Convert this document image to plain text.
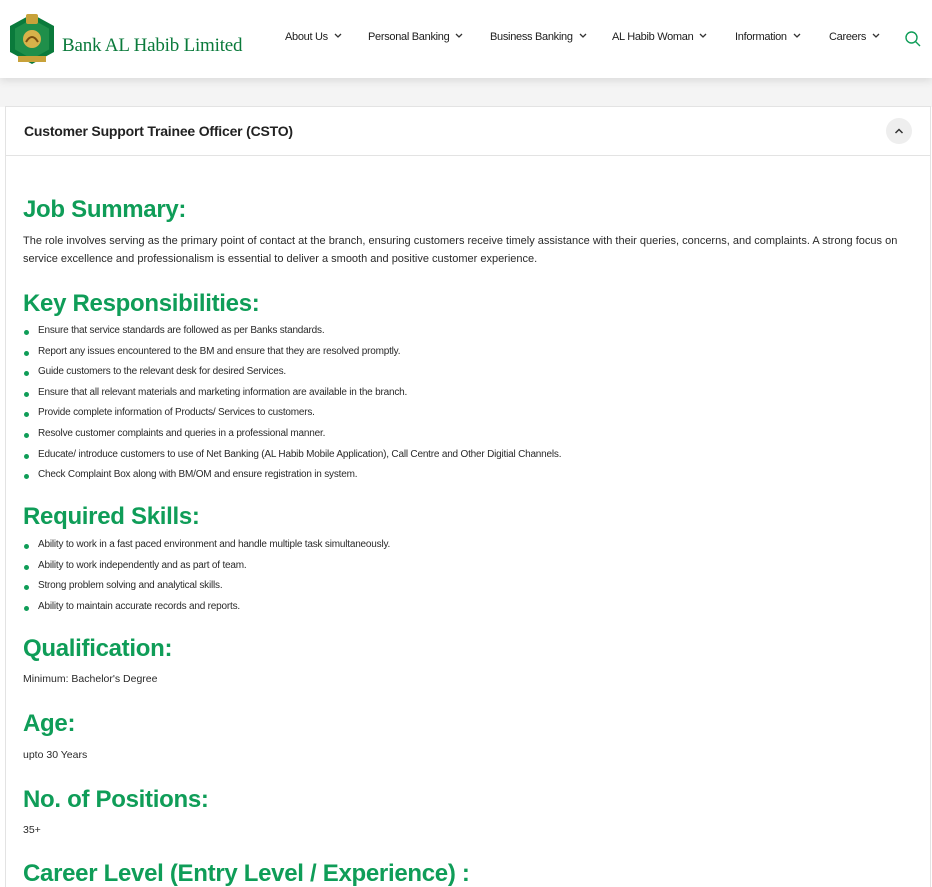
Bank AL Habib Limited	About Us	Personal Banking	Business Banking	AL Habib Woman	Information	Careers
Customer Support Trainee Officer (CSTO)
Job Summary:

The role involves serving as the primary point of contact at the branch, ensuring customers receive timely assistance with their queries, concerns, and complaints. A strong focus on service excellence and professionalism is essential to deliver a smooth and positive customer experience.

Key Responsibilities:
Ensure that service standards are followed as per Banks standards.
Report any issues encountered to the BM and ensure that they are resolved promptly.
Guide customers to the relevant desk for desired Services.
Ensure that all relevant materials and marketing information are available in the branch.
Provide complete information of Products/ Services to customers.
Resolve customer complaints and queries in a professional manner.
Educate/ introduce customers to use of Net Banking (AL Habib Mobile Application), Call Centre and Other Digitial Channels.
Check Complaint Box along with BM/OM and ensure registration in system.
Required Skills:
Ability to work in a fast paced environment and handle multiple task simultaneously.
Ability to work independently and as part of team.
Strong problem solving and analytical skills.
Ability to maintain accurate records and reports.
Qualification:
Minimum: Bachelor's Degree
Age:
upto 30 Years
No. of Positions:
35+
Career Level (Entry Level / Experience) :
